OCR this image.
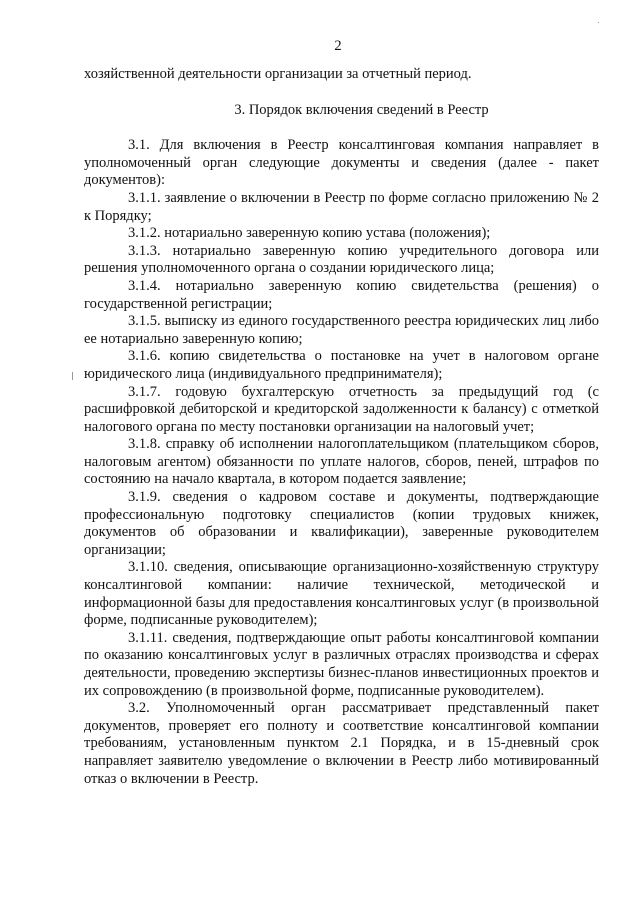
2

хозяйственной деятельности организации за отчетный период.

3. Порядок включения сведений в Реестр

3.1. Для включения в Реестр консалтинговая компания направляет в уполномоченный орган следующие документы и сведения (далее - пакет документов):

3.1.1. заявление о включении в Реестр по форме согласно приложению № 2 к Порядку;

3.1.2. нотариально заверенную копию устава (положения);

3.1.3. нотариально заверенную копию учредительного договора или решения уполномоченного органа о создании юридического лица;

3.1.4. нотариально заверенную копию свидетельства (решения) о государственной регистрации;

3.1.5. выписку из единого государственного реестра юридических лиц либо ее нотариально заверенную копию;

3.1.6. копию свидетельства о постановке на учет в налоговом органе юридического лица (индивидуального предпринимателя);

3.1.7. годовую бухгалтерскую отчетность за предыдущий год (с расшифровкой дебиторской и кредиторской задолженности к балансу) с отметкой налогового органа по месту постановки организации на налоговый учет;

3.1.8. справку об исполнении налогоплательщиком (плательщиком сборов, налоговым агентом) обязанности по уплате налогов, сборов, пеней, штрафов по состоянию на начало квартала, в котором подается заявление;

3.1.9. сведения о кадровом составе и документы, подтверждающие профессиональную подготовку специалистов (копии трудовых книжек, документов об образовании и квалификации), заверенные руководителем организации;

3.1.10. сведения, описывающие организационно-хозяйственную структуру консалтинговой компании: наличие технической, методической и информационной базы для предоставления консалтинговых услуг (в произвольной форме, подписанные руководителем);

3.1.11. сведения, подтверждающие опыт работы консалтинговой компании по оказанию консалтинговых услуг в различных отраслях производства и сферах деятельности, проведению экспертизы бизнес-планов инвестиционных проектов и их сопровождению (в произвольной форме, подписанные руководителем).

3.2. Уполномоченный орган рассматривает представленный пакет документов, проверяет его полноту и соответствие консалтинговой компании требованиям, установленным пунктом 2.1 Порядка, и в 15-дневный срок направляет заявителю уведомление о включении в Реестр либо мотивированный отказ о включении в Реестр.
